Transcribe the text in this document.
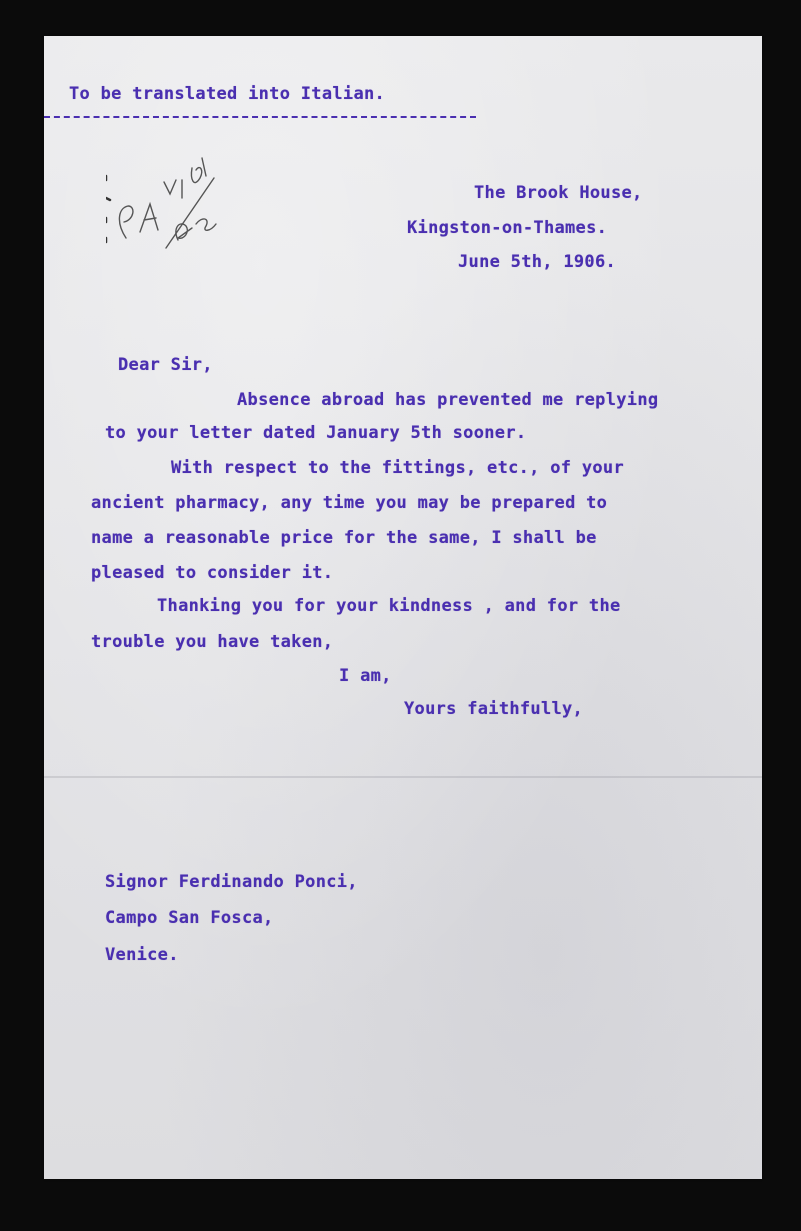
To be translated into Italian.
The Brook House,
Kingston-on-Thames.
June 5th, 1906.
Dear Sir,
Absence abroad has prevented me replying
to your letter dated January 5th sooner.
With respect to the fittings, etc., of your
ancient pharmacy, any time you may be prepared to
name a reasonable price for the same, I shall be
pleased to consider it.
Thanking you for your kindness , and for the
trouble you have taken,
I am,
Yours faithfully,
Signor Ferdinando Ponci,
Campo San Fosca,
Venice.
